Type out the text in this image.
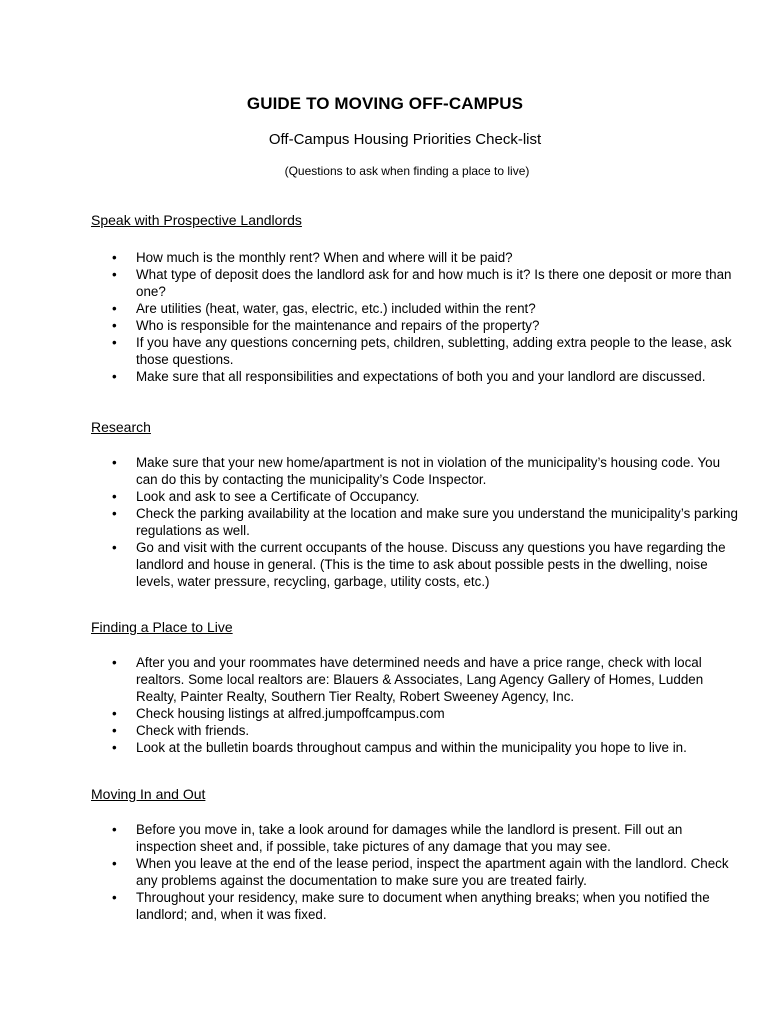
GUIDE TO MOVING OFF-CAMPUS
Off-Campus Housing Priorities Check-list
(Questions to ask when finding a place to live)
Speak with Prospective Landlords
• How much is the monthly rent? When and where will it be paid?
• What type of deposit does the landlord ask for and how much is it? Is there one deposit or more than one?
• Are utilities (heat, water, gas, electric, etc.) included within the rent?
• Who is responsible for the maintenance and repairs of the property?
• If you have any questions concerning pets, children, subletting, adding extra people to the lease, ask those questions.
• Make sure that all responsibilities and expectations of both you and your landlord are discussed.
Research
• Make sure that your new home/apartment is not in violation of the municipality’s housing code. You can do this by contacting the municipality’s Code Inspector.
• Look and ask to see a Certificate of Occupancy.
• Check the parking availability at the location and make sure you understand the municipality’s parking regulations as well.
• Go and visit with the current occupants of the house. Discuss any questions you have regarding the landlord and house in general. (This is the time to ask about possible pests in the dwelling, noise levels, water pressure, recycling, garbage, utility costs, etc.)
Finding a Place to Live
• After you and your roommates have determined needs and have a price range, check with local realtors. Some local realtors are: Blauers & Associates, Lang Agency Gallery of Homes, Ludden Realty, Painter Realty, Southern Tier Realty, Robert Sweeney Agency, Inc.
• Check housing listings at alfred.jumpoffcampus.com
• Check with friends.
• Look at the bulletin boards throughout campus and within the municipality you hope to live in.
Moving In and Out
• Before you move in, take a look around for damages while the landlord is present. Fill out an inspection sheet and, if possible, take pictures of any damage that you may see.
• When you leave at the end of the lease period, inspect the apartment again with the landlord. Check any problems against the documentation to make sure you are treated fairly.
• Throughout your residency, make sure to document when anything breaks; when you notified the landlord; and, when it was fixed.
